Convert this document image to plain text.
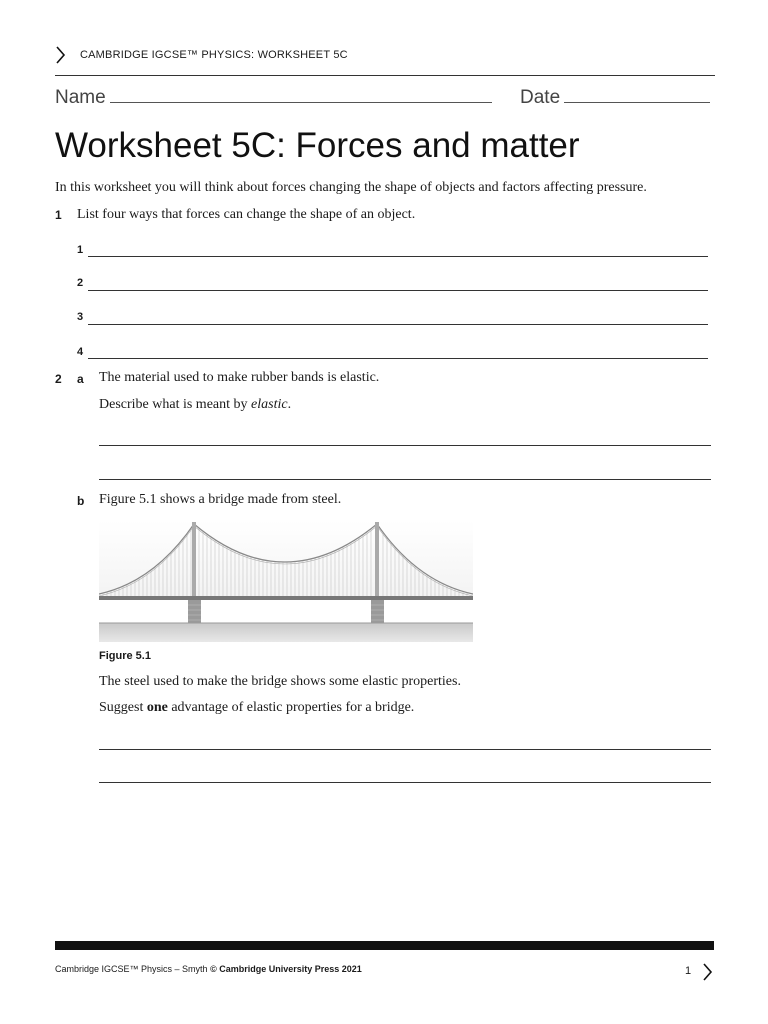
CAMBRIDGE IGCSE™ PHYSICS: WORKSHEET 5C
Name	Date
Worksheet 5C: Forces and matter
In this worksheet you will think about forces changing the shape of objects and factors affecting pressure.
1 List four ways that forces can change the shape of an object.
1
2
3
4
2 a The material used to make rubber bands is elastic.
Describe what is meant by elastic.
b Figure 5.1 shows a bridge made from steel.
Figure 5.1
The steel used to make the bridge shows some elastic properties.
Suggest one advantage of elastic properties for a bridge.
Cambridge IGCSE™ Physics – Smyth © Cambridge University Press 2021	1
